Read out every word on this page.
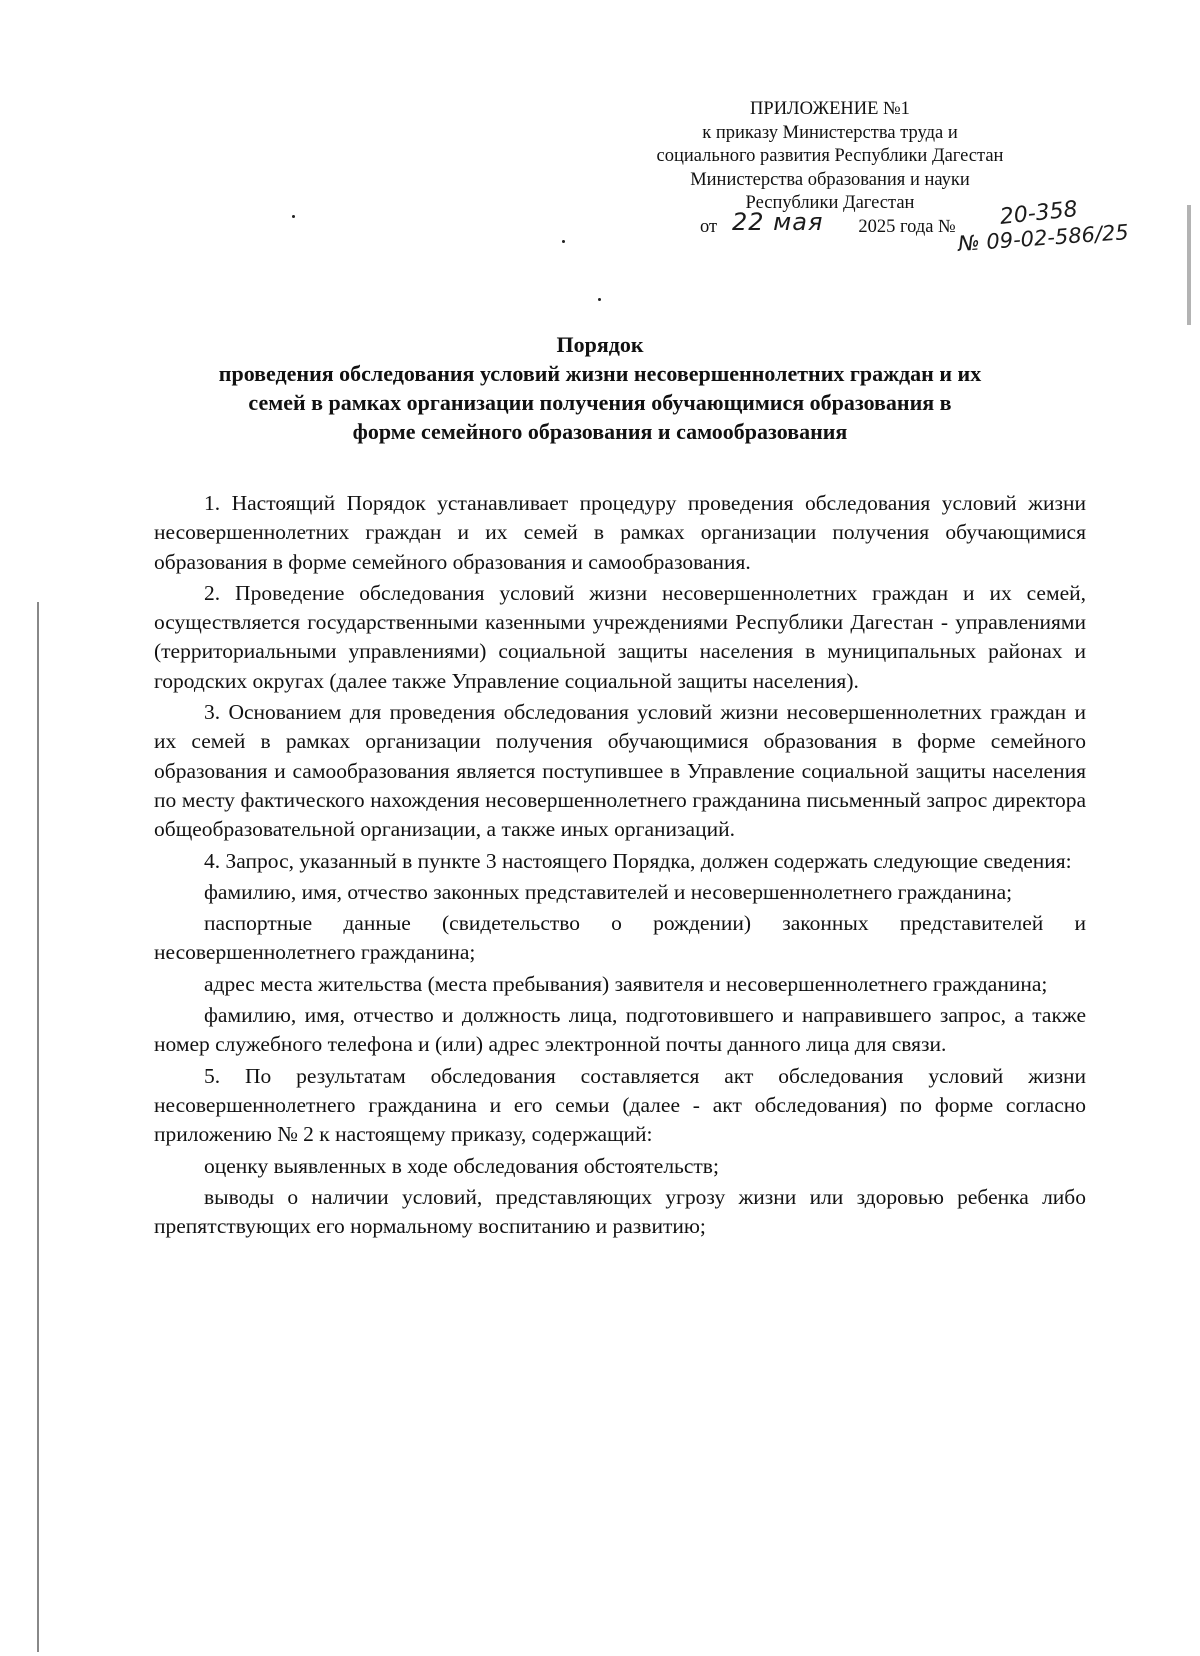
ПРИЛОЖЕНИЕ №1
к приказу Министерства труда и
социального развития Республики Дагестан
Министерства образования и науки
Республики Дагестан
от	2025 года №
22 мая	20-358
№ 09-02-586/25
Порядок
проведения обследования условий жизни несовершеннолетних граждан и их
семей в рамках организации получения обучающимися образования в
форме семейного образования и самообразования

1. Настоящий Порядок устанавливает процедуру проведения обследования условий жизни несовершеннолетних граждан и их семей в рамках организации получения обучающимися образования в форме семейного образования и самообразования.

2. Проведение обследования условий жизни несовершеннолетних граждан и их семей, осуществляется государственными казенными учреждениями Республики Дагестан - управлениями (территориальными управлениями) социальной защиты населения в муниципальных районах и городских округах (далее также Управление социальной защиты населения).

3. Основанием для проведения обследования условий жизни несовершеннолетних граждан и их семей в рамках организации получения обучающимися образования в форме семейного образования и самообразования является поступившее в Управление социальной защиты населения по месту фактического нахождения несовершеннолетнего гражданина письменный запрос директора общеобразовательной организации, а также иных организаций.

4. Запрос, указанный в пункте 3 настоящего Порядка, должен содержать следующие сведения:

фамилию, имя, отчество законных представителей и несовершеннолетнего гражданина;

паспортные данные (свидетельство о рождении) законных представителей и несовершеннолетнего гражданина;

адрес места жительства (места пребывания) заявителя и несовершеннолетнего гражданина;

фамилию, имя, отчество и должность лица, подготовившего и направившего запрос, а также номер служебного телефона и (или) адрес электронной почты данного лица для связи.

5. По результатам обследования составляется акт обследования условий жизни несовершеннолетнего гражданина и его семьи (далее - акт обследования) по форме согласно приложению № 2 к настоящему приказу, содержащий:

оценку выявленных в ходе обследования обстоятельств;

выводы о наличии условий, представляющих угрозу жизни или здоровью ребенка либо препятствующих его нормальному воспитанию и развитию;
